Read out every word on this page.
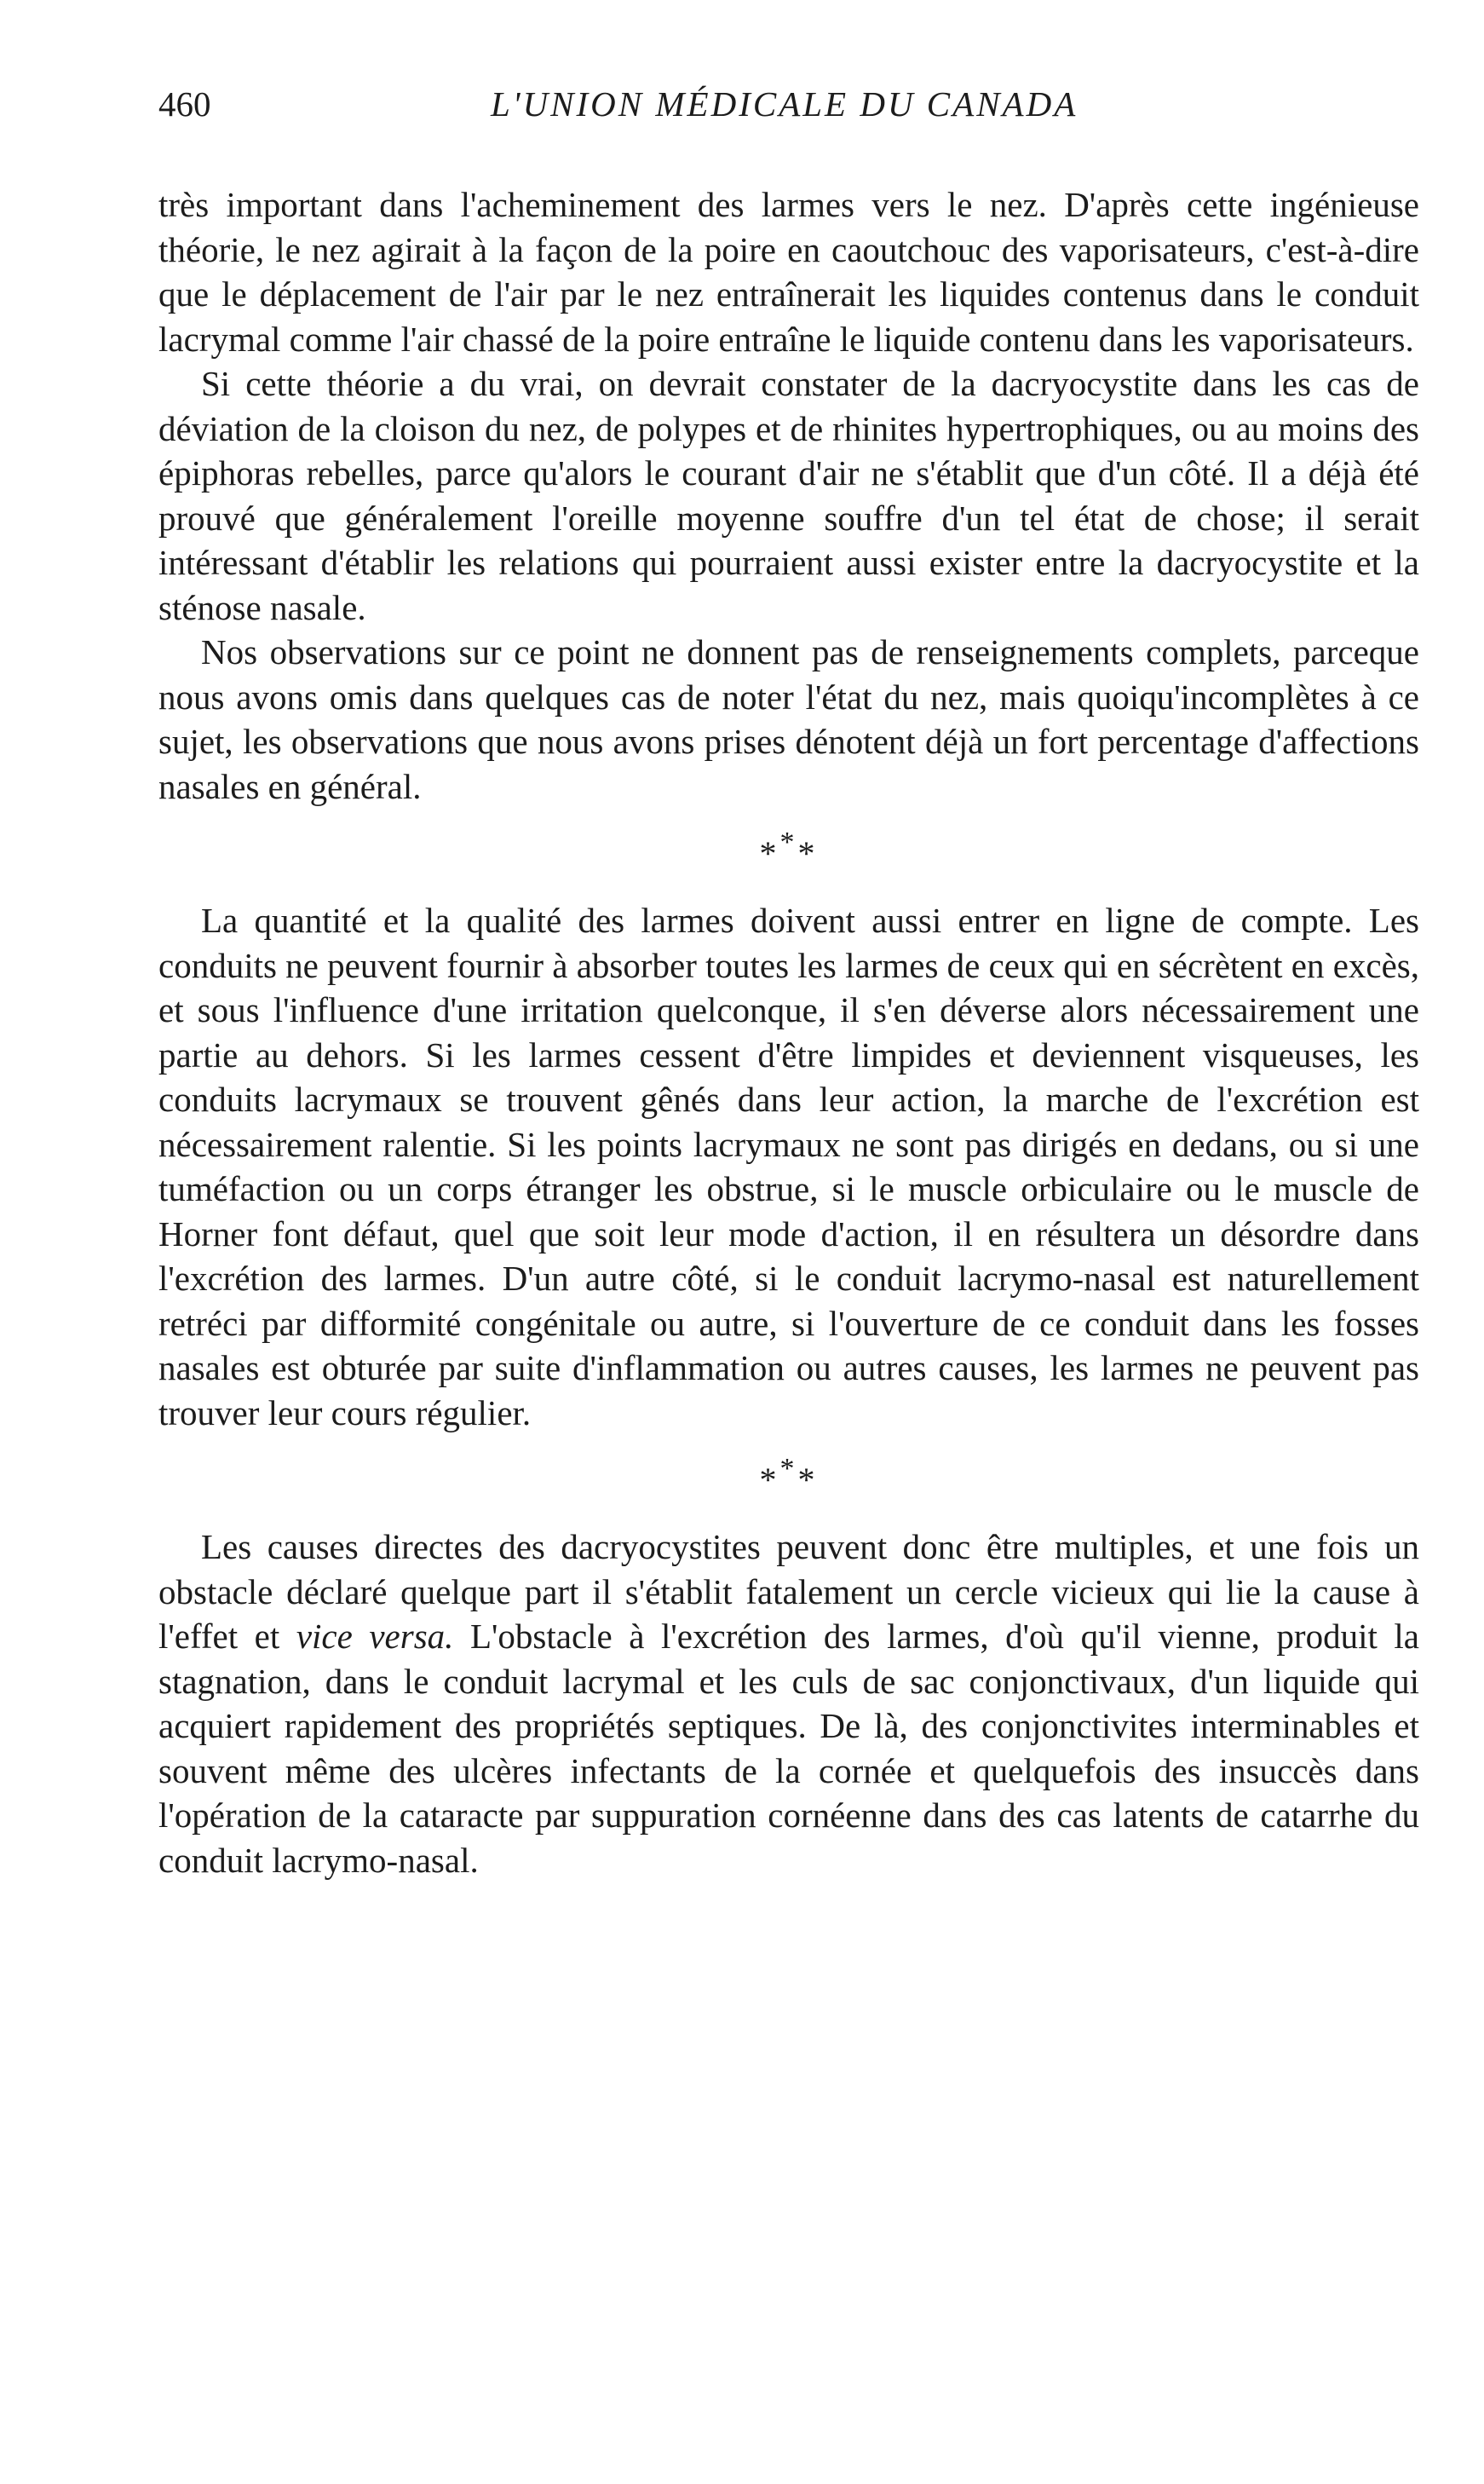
460	L'UNION MÉDICALE DU CANADA

très important dans l'acheminement des larmes vers le nez. D'après cette ingénieuse théorie, le nez agirait à la façon de la poire en caoutchouc des vaporisateurs, c'est-à-dire que le déplacement de l'air par le nez entraînerait les liquides contenus dans le conduit lacrymal comme l'air chassé de la poire entraîne le liquide contenu dans les vaporisateurs.

Si cette théorie a du vrai, on devrait constater de la dacryocystite dans les cas de déviation de la cloison du nez, de polypes et de rhinites hypertrophiques, ou au moins des épiphoras rebelles, parce qu'alors le courant d'air ne s'établit que d'un côté. Il a déjà été prouvé que généralement l'oreille moyenne souffre d'un tel état de chose; il serait intéressant d'établir les relations qui pourraient aussi exister entre la dacryocystite et la sténose nasale.

Nos observations sur ce point ne donnent pas de renseignements complets, parceque nous avons omis dans quelques cas de noter l'état du nez, mais quoiqu'incomplètes à ce sujet, les observations que nous avons prises dénotent déjà un fort percentage d'affections nasales en général.

***

La quantité et la qualité des larmes doivent aussi entrer en ligne de compte. Les conduits ne peuvent fournir à absorber toutes les larmes de ceux qui en sécrètent en excès, et sous l'influence d'une irritation quelconque, il s'en déverse alors nécessairement une partie au dehors. Si les larmes cessent d'être limpides et deviennent visqueuses, les conduits lacrymaux se trouvent gênés dans leur action, la marche de l'excrétion est nécessairement ralentie. Si les points lacrymaux ne sont pas dirigés en dedans, ou si une tuméfaction ou un corps étranger les obstrue, si le muscle orbiculaire ou le muscle de Horner font défaut, quel que soit leur mode d'action, il en résultera un désordre dans l'excrétion des larmes. D'un autre côté, si le conduit lacrymo-nasal est naturellement retréci par difformité congénitale ou autre, si l'ouverture de ce conduit dans les fosses nasales est obturée par suite d'inflammation ou autres causes, les larmes ne peuvent pas trouver leur cours régulier.

***

Les causes directes des dacryocystites peuvent donc être multiples, et une fois un obstacle déclaré quelque part il s'établit fatalement un cercle vicieux qui lie la cause à l'effet et vice versa. L'obstacle à l'excrétion des larmes, d'où qu'il vienne, produit la stagnation, dans le conduit lacrymal et les culs de sac conjonctivaux, d'un liquide qui acquiert rapidement des propriétés septiques. De là, des conjonctivites interminables et souvent même des ulcères infectants de la cornée et quelquefois des insuccès dans l'opération de la cataracte par suppuration cornéenne dans des cas latents de catarrhe du conduit lacrymo-nasal.
